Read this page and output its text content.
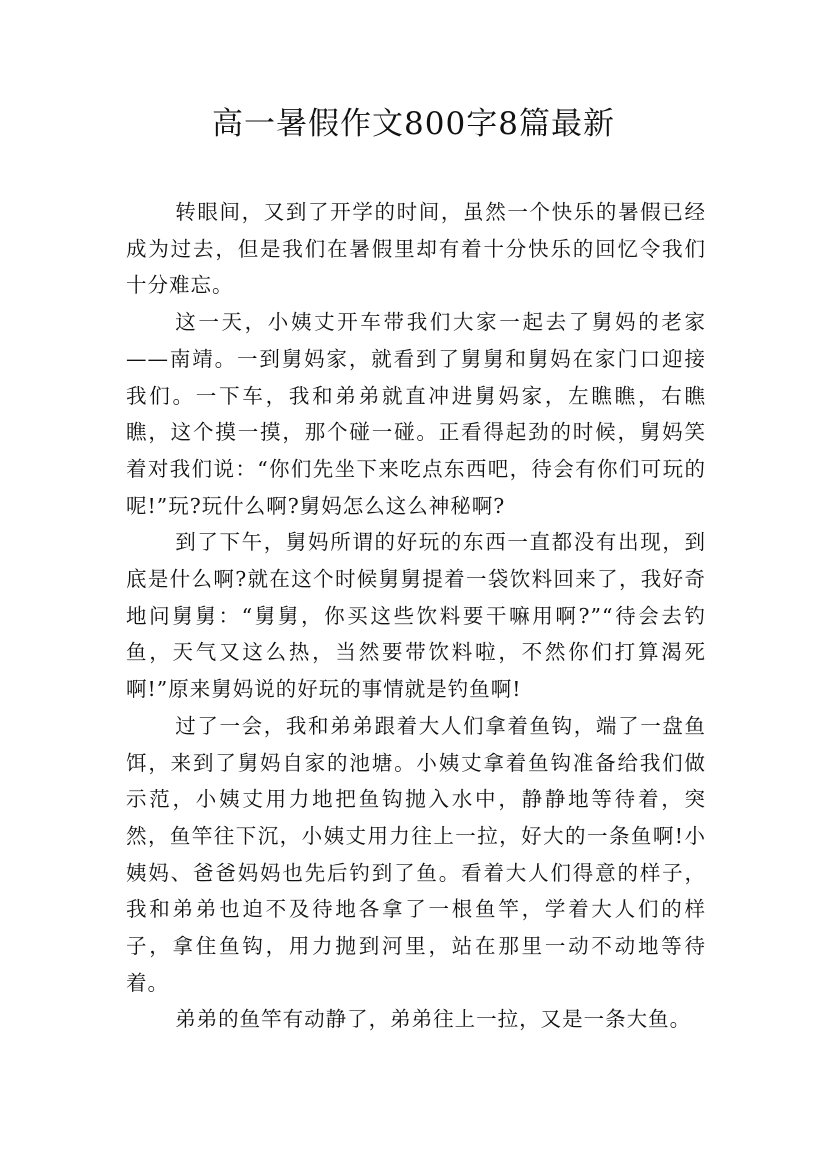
高一暑假作文800字8篇最新

转眼间，又到了开学的时间，虽然一个快乐的暑假已经成为过去，但是我们在暑假里却有着十分快乐的回忆令我们十分难忘。

这一天，小姨丈开车带我们大家一起去了舅妈的老家——南靖。一到舅妈家，就看到了舅舅和舅妈在家门口迎接我们。一下车，我和弟弟就直冲进舅妈家，左瞧瞧，右瞧瞧，这个摸一摸，那个碰一碰。正看得起劲的时候，舅妈笑着对我们说：“你们先坐下来吃点东西吧，待会有你们可玩的呢!”玩?玩什么啊?舅妈怎么这么神秘啊?

到了下午，舅妈所谓的好玩的东西一直都没有出现，到底是什么啊?就在这个时候舅舅提着一袋饮料回来了，我好奇地问舅舅：“舅舅，你买这些饮料要干嘛用啊?”“待会去钓鱼，天气又这么热，当然要带饮料啦，不然你们打算渴死啊!”原来舅妈说的好玩的事情就是钓鱼啊!

过了一会，我和弟弟跟着大人们拿着鱼钩，端了一盘鱼饵，来到了舅妈自家的池塘。小姨丈拿着鱼钩准备给我们做示范，小姨丈用力地把鱼钩抛入水中，静静地等待着，突然，鱼竿往下沉，小姨丈用力往上一拉，好大的一条鱼啊!小姨妈、爸爸妈妈也先后钓到了鱼。看着大人们得意的样子，我和弟弟也迫不及待地各拿了一根鱼竿，学着大人们的样子，拿住鱼钩，用力抛到河里，站在那里一动不动地等待着。

弟弟的鱼竿有动静了，弟弟往上一拉，又是一条大鱼。
